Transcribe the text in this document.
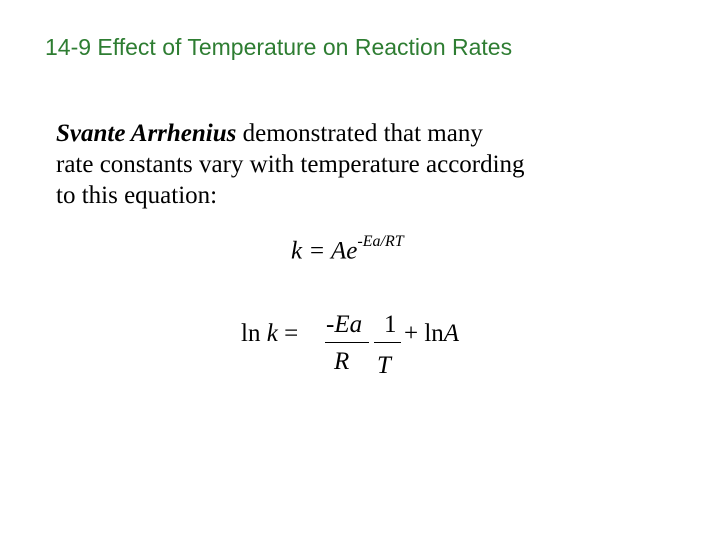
14-9 Effect of Temperature on Reaction Rates
Svante Arrhenius demonstrated that many
rate constants vary with temperature according
to this equation:
$k = Ae^{-Ea/RT}$
ln k = -Ea
R
1
T
+ lnA
